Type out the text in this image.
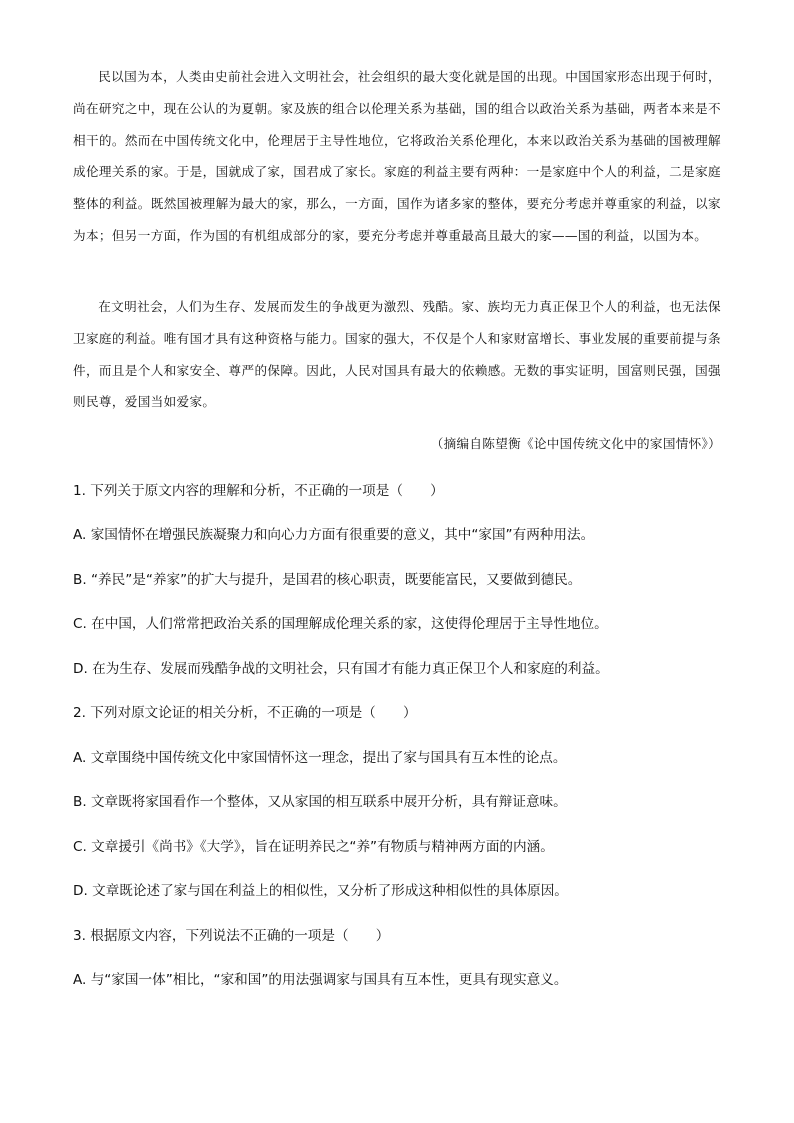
民以国为本，人类由史前社会进入文明社会，社会组织的最大变化就是国的出现。中国国家形态出现于何时，尚在研究之中，现在公认的为夏朝。家及族的组合以伦理关系为基础，国的组合以政治关系为基础，两者本来是不相干的。然而在中国传统文化中，伦理居于主导性地位，它将政治关系伦理化，本来以政治关系为基础的国被理解成伦理关系的家。于是，国就成了家，国君成了家长。家庭的利益主要有两种：一是家庭中个人的利益，二是家庭整体的利益。既然国被理解为最大的家，那么，一方面，国作为诸多家的整体，要充分考虑并尊重家的利益，以家为本；但另一方面，作为国的有机组成部分的家，要充分考虑并尊重最高且最大的家——国的利益，以国为本。

在文明社会，人们为生存、发展而发生的争战更为激烈、残酷。家、族均无力真正保卫个人的利益，也无法保卫家庭的利益。唯有国才具有这种资格与能力。国家的强大，不仅是个人和家财富增长、事业发展的重要前提与条件，而且是个人和家安全、尊严的保障。因此，人民对国具有最大的依赖感。无数的事实证明，国富则民强，国强则民尊，爱国当如爱家。

（摘编自陈望衡《论中国传统文化中的家国情怀》）

1. 下列关于原文内容的理解和分析，不正确的一项是（　　）

A. 家国情怀在增强民族凝聚力和向心力方面有很重要的意义，其中“家国”有两种用法。

B. “养民”是“养家”的扩大与提升，是国君的核心职责，既要能富民，又要做到德民。

C. 在中国，人们常常把政治关系的国理解成伦理关系的家，这使得伦理居于主导性地位。

D. 在为生存、发展而残酷争战的文明社会，只有国才有能力真正保卫个人和家庭的利益。

2. 下列对原文论证的相关分析，不正确的一项是（　　）

A. 文章围绕中国传统文化中家国情怀这一理念，提出了家与国具有互本性的论点。

B. 文章既将家国看作一个整体，又从家国的相互联系中展开分析，具有辩证意味。

C. 文章援引《尚书》《大学》，旨在证明养民之“养”有物质与精神两方面的内涵。

D. 文章既论述了家与国在利益上的相似性，又分析了形成这种相似性的具体原因。

3. 根据原文内容，下列说法不正确的一项是（　　）

A. 与“家国一体”相比，“家和国”的用法强调家与国具有互本性，更具有现实意义。
